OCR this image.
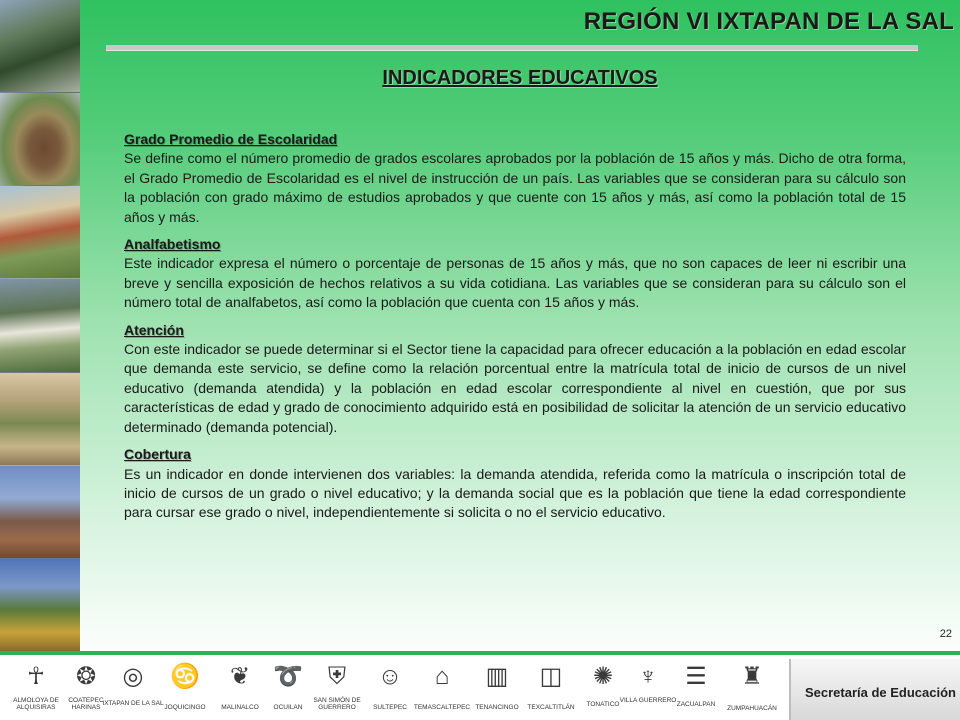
REGIÓN VI IXTAPAN DE LA SAL
INDICADORES EDUCATIVOS
Grado Promedio de Escolaridad

Se define como el número promedio de grados escolares aprobados por la población de 15 años y más. Dicho de otra forma, el Grado Promedio de Escolaridad es el nivel de instrucción de un país. Las variables que se consideran para su cálculo son la población con grado máximo de estudios aprobados y que cuente con 15 años y más, así como la población total de 15 años y más.

Analfabetismo

Este indicador expresa el número o porcentaje de personas de 15 años y más, que no son capaces de leer ni escribir una breve y sencilla exposición de hechos relativos a su vida cotidiana. Las variables que se consideran para su cálculo son el número total de analfabetos, así como la población que cuenta con 15 años y más.

Atención

Con este indicador se puede determinar si el Sector tiene la capacidad para ofrecer educación a la población en edad escolar que demanda este servicio, se define como la relación porcentual entre la matrícula total de inicio de cursos de un nivel educativo (demanda atendida) y la población en edad escolar correspondiente al nivel en cuestión, que por sus características de edad y grado de conocimiento adquirido está en posibilidad de solicitar la atención de un servicio educativo determinado (demanda potencial).

Cobertura

Es un indicador en donde intervienen dos variables: la demanda atendida, referida como la matrícula o inscripción total de inicio de cursos de un grado o nivel educativo; y la demanda social que es la población que tiene la edad correspondiente para cursar ese grado o nivel, independientemente si solicita o no el servicio educativo.

22
☥
ALMOLOYA DE ALQUISIRAS
❂
COATEPEC HARINAS
◎
IXTAPAN DE LA SAL
♋
JOQUICINGO
❦
MALINALCO
➰
OCUILAN
⛨
SAN SIMÓN DE GUERRERO
☺
SULTEPEC
⌂
TEMASCALTEPEC
▥
TENANCINGO
◫
TEXCALTITLÁN
✺
TONATICO
♆
VILLA GUERRERO
☰
ZACUALPAN
♜
ZUMPAHUACÁN
Secretaría de Educación
